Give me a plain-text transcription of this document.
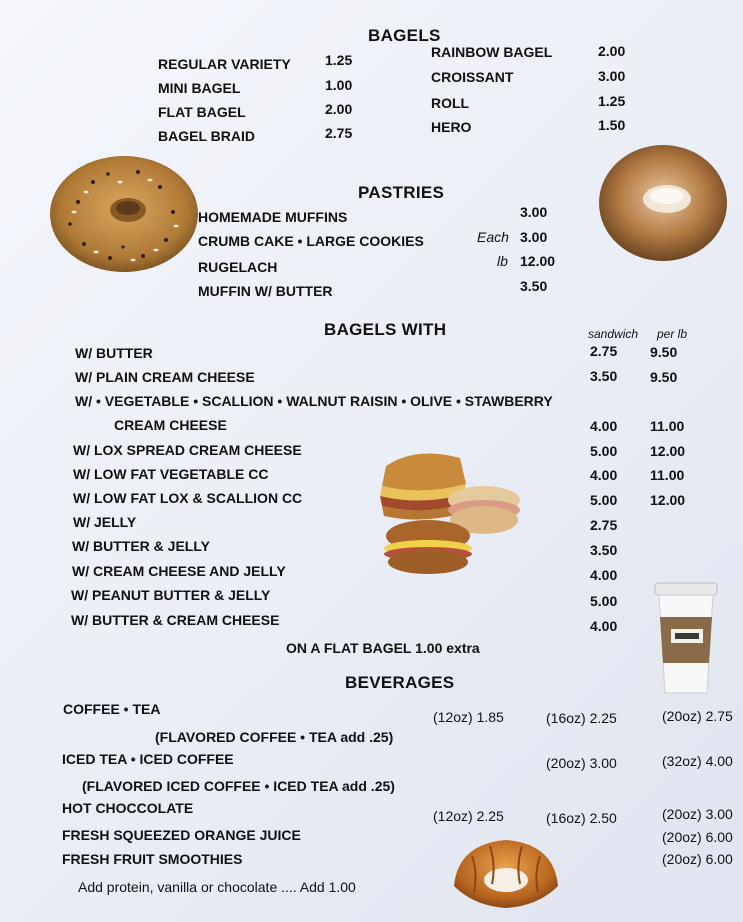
BAGELS
REGULAR VARIETY 1.25
MINI BAGEL	1.00
FLAT BAGEL	2.00
BAGEL BRAID	2.75
RAINBOW BAGEL	2.00
CROISSANT	3.00
ROLL	1.25
HERO	1.50
PASTRIES
HOMEMADE MUFFINS	3.00
CRUMB CAKE • LARGE COOKIES	Each 3.00
RUGELACH	lb 12.00
MUFFIN W/ BUTTER	3.50
BAGELS WITH	sandwich per lb
W/ BUTTER	2.75 9.50
W/ PLAIN CREAM CHEESE	3.50 9.50
W/ • VEGETABLE • SCALLION • WALNUT RAISIN • OLIVE • STAWBERRY
CREAM CHEESE	4.00 11.00
W/ LOX SPREAD CREAM CHEESE	5.00 12.00
W/ LOW FAT VEGETABLE CC	4.00 11.00
W/ LOW FAT LOX & SCALLION CC	5.00 12.00
W/ JELLY	2.75
W/ BUTTER & JELLY	3.50
W/ CREAM CHEESE AND JELLY	4.00
W/ PEANUT BUTTER & JELLY	5.00
W/ BUTTER & CREAM CHEESE	4.00
ON A FLAT BAGEL 1.00 extra
BEVERAGES
COFFEE • TEA	(12oz) 1.85	(16oz) 2.25	(20oz) 2.75
(FLAVORED COFFEE • TEA add .25)
ICED TEA • ICED COFFEE	(20oz) 3.00	(32oz) 4.00
(FLAVORED ICED COFFEE • ICED TEA add .25)
HOT CHOCCOLATE	(12oz) 2.25	(16oz) 2.50	(20oz) 3.00
FRESH SQUEEZED ORANGE JUICE	(20oz) 6.00
FRESH FRUIT SMOOTHIES	(20oz) 6.00
Add protein, vanilla or chocolate .... Add 1.00
